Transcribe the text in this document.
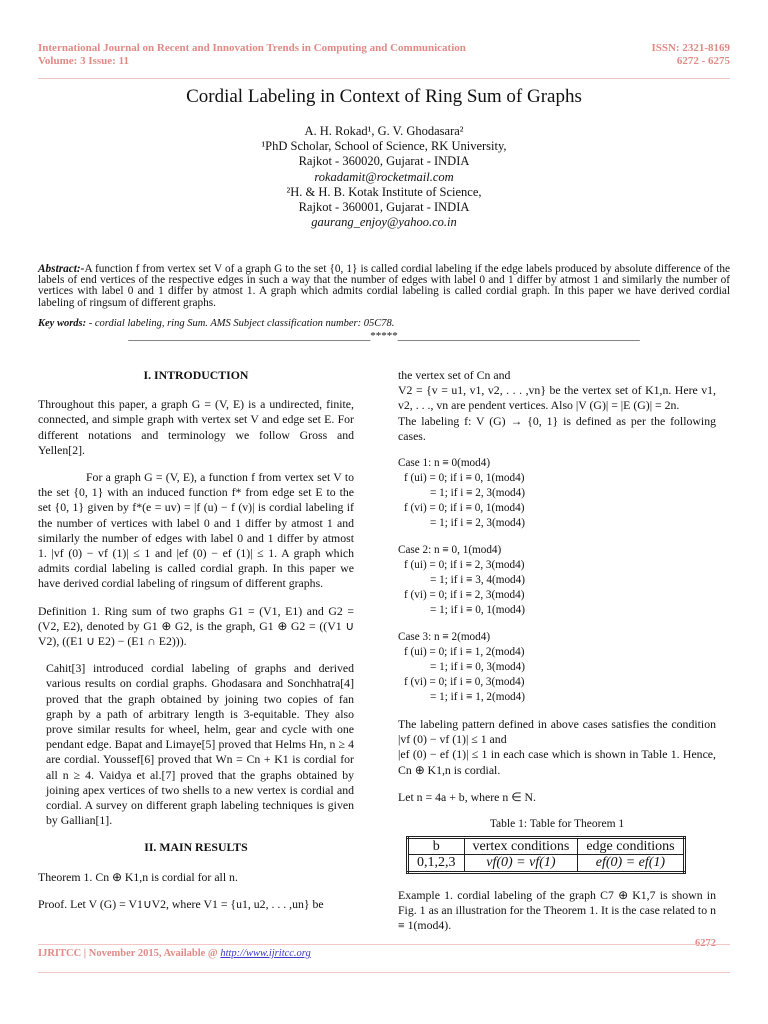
International Journal on Recent and Innovation Trends in Computing and Communication
Volume: 3 Issue: 11
ISSN: 2321-8169
6272 - 6275
Cordial Labeling in Context of Ring Sum of Graphs
A. H. Rokad¹, G. V. Ghodasara²
¹PhD Scholar, School of Science, RK University,
Rajkot - 360020, Gujarat - INDIA
rokadamit@rocketmail.com
²H. & H. B. Kotak Institute of Science,
Rajkot - 360001, Gujarat - INDIA
gaurang_enjoy@yahoo.co.in
Abstract:-A function f from vertex set V of a graph G to the set {0, 1} is called cordial labeling if the edge labels produced by absolute difference of the labels of end vertices of the respective edges in such a way that the number of edges with label 0 and 1 differ by atmost 1 and similarly the number of vertices with label 0 and 1 differ by atmost 1. A graph which admits cordial labeling is called cordial graph. In this paper we have derived cordial labeling of ringsum of different graphs.
Key words: - cordial labeling, ring Sum. AMS Subject classification number: 05C78.
____________________________________________*****____________________________________________
I. INTRODUCTION

Throughout this paper, a graph G = (V, E) is a undirected, finite, connected, and simple graph with vertex set V and edge set E. For different notations and terminology we follow Gross and Yellen[2].

For a graph G = (V, E), a function f from vertex set V to the set {0, 1} with an induced function f* from edge set E to the set {0, 1} given by f*(e = uv) = |f (u) − f (v)| is cordial labeling if the number of vertices with label 0 and 1 differ by atmost 1 and similarly the number of edges with label 0 and 1 differ by atmost 1. |vf (0) − vf (1)| ≤ 1 and |ef (0) − ef (1)| ≤ 1. A graph which admits cordial labeling is called cordial graph. In this paper we have derived cordial labeling of ringsum of different graphs.

Definition 1. Ring sum of two graphs G1 = (V1, E1) and G2 = (V2, E2), denoted by G1 ⊕ G2, is the graph, G1 ⊕ G2 = ((V1 ∪ V2), ((E1 ∪ E2) − (E1 ∩ E2))).

Cahit[3] introduced cordial labeling of graphs and derived various results on cordial graphs. Ghodasara and Sonchhatra[4] proved that the graph obtained by joining two copies of fan graph by a path of arbitrary length is 3-equitable. They also prove similar results for wheel, helm, gear and cycle with one pendant edge. Bapat and Limaye[5] proved that Helms Hn, n ≥ 4 are cordial. Youssef[6] proved that Wn = Cn + K1 is cordial for all n ≥ 4. Vaidya et al.[7] proved that the graphs obtained by joining apex vertices of two shells to a new vertex is cordial and cordial. A survey on different graph labeling techniques is given by Gallian[1].

II. MAIN RESULTS

Theorem 1. Cn ⊕ K1,n is cordial for all n.

Proof. Let V (G) = V1∪V2, where V1 = {u1, u2, . . . ,un} be

the vertex set of Cn and
V2 = {v = u1, v1, v2, . . . ,vn} be the vertex set of K1,n. Here v1, v2, . . ., vn are pendent vertices. Also |V (G)| = |E (G)| = 2n.

The labeling f: V (G) → {0, 1} is defined as per the following cases.

Case 1: n ≡ 0(mod4)
f (ui) = 0; if i ≡ 0, 1(mod4)
= 1; if i ≡ 2, 3(mod4)
f (vi) = 0; if i ≡ 0, 1(mod4)
= 1; if i ≡ 2, 3(mod4)
Case 2: n ≡ 0, 1(mod4)
f (ui) = 0; if i ≡ 2, 3(mod4)
= 1; if i ≡ 3, 4(mod4)
f (vi) = 0; if i ≡ 2, 3(mod4)
= 1; if i ≡ 0, 1(mod4)
Case 3: n ≡ 2(mod4)
f (ui) = 0; if i ≡ 1, 2(mod4)
= 1; if i ≡ 0, 3(mod4)
f (vi) = 0; if i ≡ 0, 3(mod4)
= 1; if i ≡ 1, 2(mod4)
The labeling pattern defined in above cases satisfies the condition |vf (0) − vf (1)| ≤ 1 and

|ef (0) − ef (1)| ≤ 1 in each case which is shown in Table 1. Hence, Cn ⊕ K1,n is cordial.

Let n = 4a + b, where n ∈ N.

Table 1: Table for Theorem 1
b	vertex conditions	edge conditions
0,1,2,3	vf(0) = vf(1)	ef(0) = ef(1)

Example 1. cordial labeling of the graph C7 ⊕ K1,7 is shown in Fig. 1 as an illustration for the Theorem 1. It is the case related to n ≡ 1(mod4).

6272
IJRITCC | November 2015, Available @ http://www.ijritcc.org
